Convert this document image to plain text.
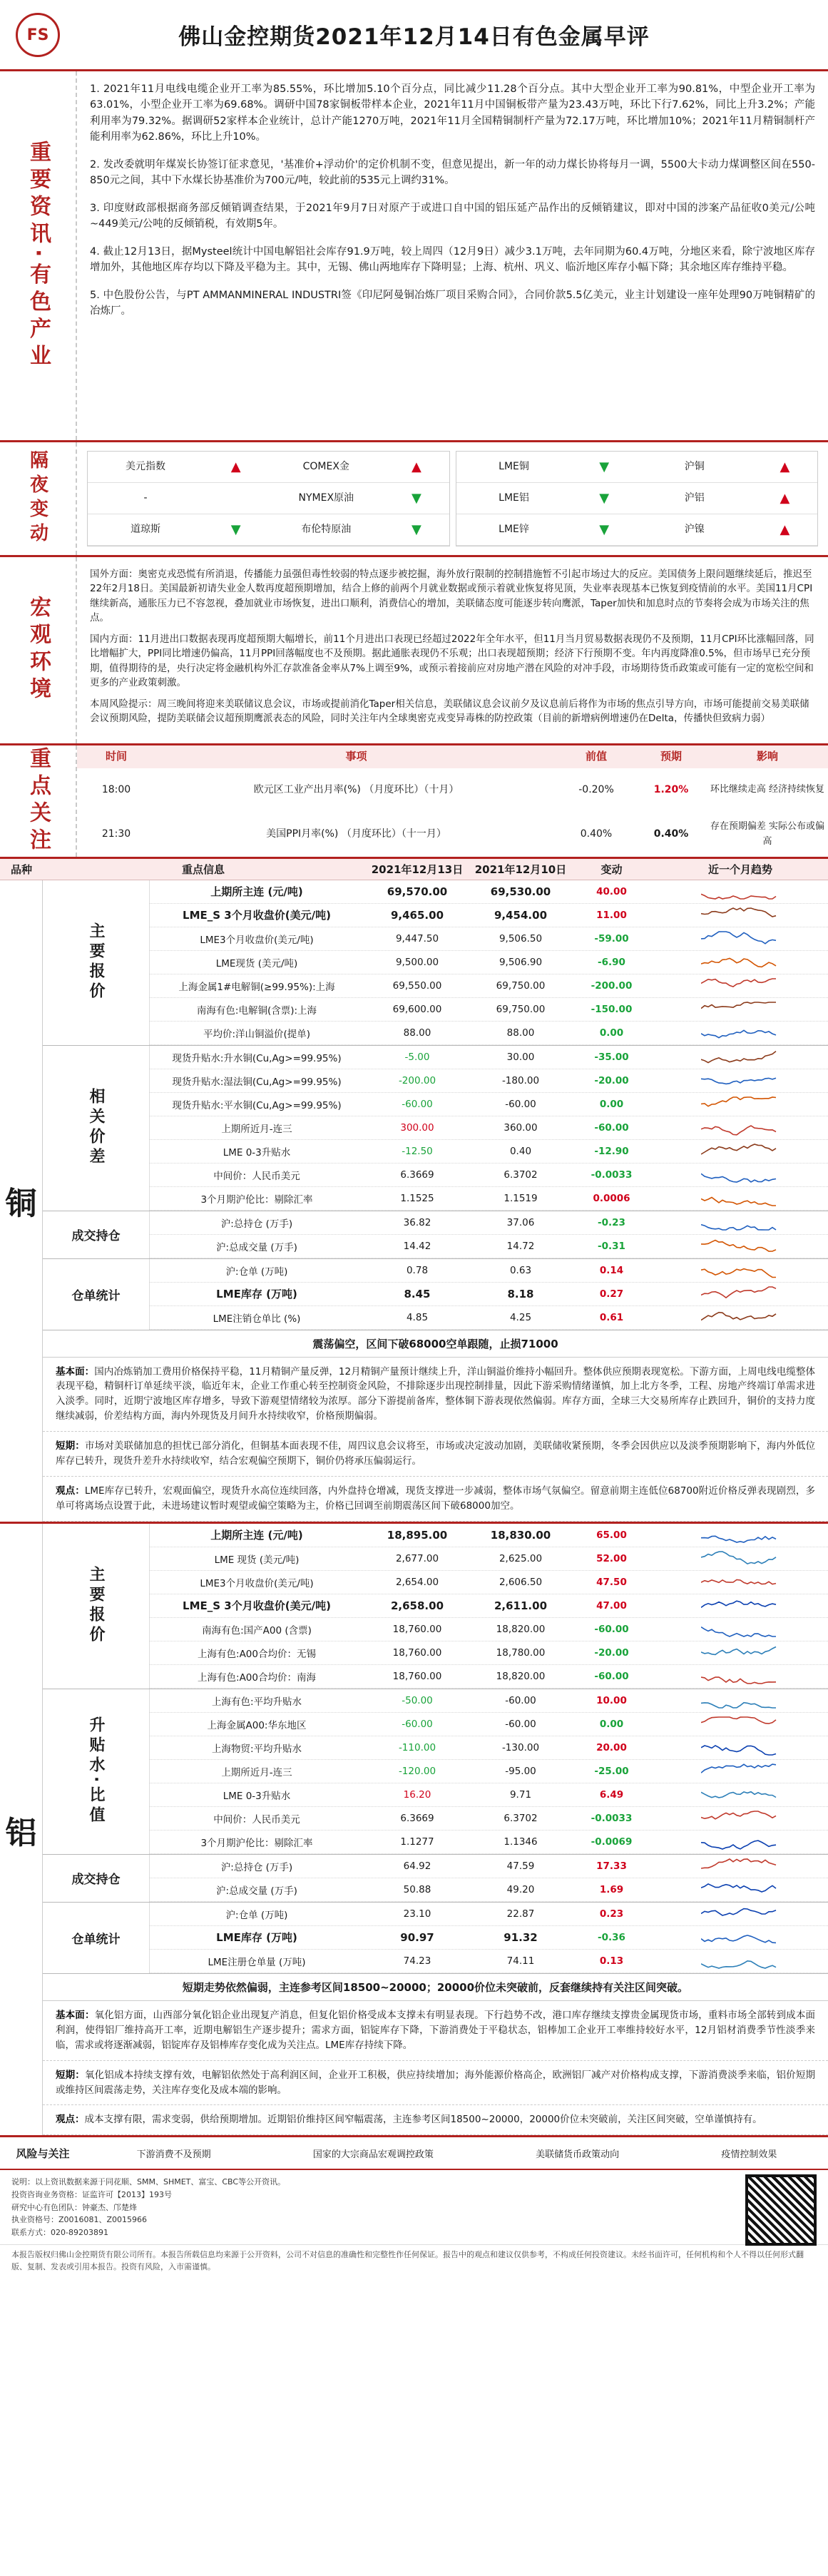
FS	佛山金控期货2021年12月14日有色金属早评
重要资讯·有色产业

1. 2021年11月电线电缆企业开工率为85.55%，环比增加5.10个百分点，同比减少11.28个百分点。其中大型企业开工率为90.81%，中型企业开工率为63.01%，小型企业开工率为69.68%。调研中国78家铜板带样本企业，2021年11月中国铜板带产量为23.43万吨，环比下行7.62%，同比上升3.2%；产能利用率为79.32%。据调研52家样本企业统计，总计产能1270万吨，2021年11月全国精铜制杆产量为72.17万吨，环比增加10%；2021年11月精铜制杆产能利用率为62.86%，环比上升10%。

2. 发改委就明年煤炭长协签订征求意见，'基准价+浮动价'的定价机制不变，但意见提出，新一年的动力煤长协将每月一调，5500大卡动力煤调整区间在550-850元之间，其中下水煤长协基准价为700元/吨，较此前的535元上调约31%。

3. 印度财政部根据商务部反倾销调查结果，于2021年9月7日对原产于或进口自中国的铝压延产品作出的反倾销建议，即对中国的涉案产品征收0美元/公吨~449美元/公吨的反倾销税，有效期5年。

4. 截止12月13日，据Mysteel统计中国电解铝社会库存91.9万吨，较上周四（12月9日）减少3.1万吨，去年同期为60.4万吨，分地区来看，除宁波地区库存增加外，其他地区库存均以下降及平稳为主。其中，无锡、佛山两地库存下降明显；上海、杭州、巩义、临沂地区库存小幅下降；其余地区库存维持平稳。

5. 中色股份公告，与PT AMMANMINERAL INDUSTRI签《印尼阿曼铜冶炼厂项目采购合同》，合同价款5.5亿美元，业主计划建设一座年处理90万吨铜精矿的冶炼厂。

隔夜变动	美元指数	▲	COMEX金	▲
-	NYMEX原油	▼
道琼斯	▼	布伦特原油	▼
LME铜	▼	沪铜	▲
LME铝	▼	沪铝	▲
LME锌	▼	沪镍	▲
宏观环境

国外方面：奥密克戎恐慌有所消退，传播能力虽强但毒性较弱的特点逐步被挖掘，海外放行限制的控制措施暂不引起市场过大的反应。美国债务上限问题继续延后，推迟至22年2月18日。美国最新初请失业金人数再度超预期增加，结合上修的前两个月就业数据或预示着就业恢复将见顶，失业率表现基本已恢复到疫情前的水平。美国11月CPI继续新高，通胀压力已不容忽视，叠加就业市场恢复，进出口顺利，消费信心的增加，美联储态度可能逐步转向鹰派，Taper加快和加息时点的节奏将会成为市场关注的焦点。

国内方面：11月进出口数据表现再度超预期大幅增长，前11个月进出口表现已经超过2022年全年水平，但11月当月贸易数据表现仍不及预期，11月CPI环比涨幅回落，同比增幅扩大，PPI同比增速仍偏高，11月PPI回落幅度也不及预期。据此通胀表现仍不乐观；出口表现超预期；经济下行预期不变。年内再度降准0.5%，但市场早已充分预期，值得期待的是，央行决定将金融机构外汇存款准备金率从7%上调至9%，或预示着接前应对房地产潜在风险的对冲手段，市场期待货币政策或可能有一定的宽松空间和更多的产业政策刺激。

本周风险提示：周三晚间将迎来美联储议息会议，市场或提前消化Taper相关信息，美联储议息会议前夕及议息前后将作为市场的焦点引导方向，市场可能提前交易美联储会议预期风险，提防美联储会议超预期鹰派表态的风险，同时关注年内全球奥密克戎变异毒株的防控政策（目前的新增病例增速仍在Delta，传播快但致病力弱）

重点关注	时间	事项	前值	预期	影响
18:00	欧元区工业产出月率(%) （月度环比）（十月）	-0.20%	1.20%	环比继续走高 经济持续恢复
21:30	美国PPI月率(%) （月度环比）（十一月）	0.40%	0.40%	存在预期偏差 实际公布或偏高
品种	重点信息	2021年12月13日	2021年12月10日	变动	近一个月趋势
铜
主要报价
上期所主连 (元/吨)	69,570.00	69,530.00	40.00
LME_S 3个月收盘价(美元/吨)	9,465.00	9,454.00	11.00
LME3个月收盘价(美元/吨)	9,447.50	9,506.50	-59.00
LME现货 (美元/吨)	9,500.00	9,506.90	-6.90
上海金属1#电解铜(≥99.95%):上海	69,550.00	69,750.00	-200.00
南海有色:电解铜(含票):上海	69,600.00	69,750.00	-150.00
平均价:洋山铜溢价(提单)	88.00	88.00	0.00
相关价差
现货升贴水:升水铜(Cu,Ag>=99.95%)	-5.00	30.00	-35.00
现货升贴水:湿法铜(Cu,Ag>=99.95%)	-200.00	-180.00	-20.00
现货升贴水:平水铜(Cu,Ag>=99.95%)	-60.00	-60.00	0.00
上期所近月-连三	300.00	360.00	-60.00
LME 0-3升贴水	-12.50	0.40	-12.90
中间价：人民币美元	6.3669	6.3702	-0.0033
3个月期沪伦比：剔除汇率	1.1525	1.1519	0.0006
成交持仓
沪:总持仓 (万手)	36.82	37.06	-0.23
沪:总成交量 (万手)	14.42	14.72	-0.31
仓单统计
沪:仓单 (万吨)	0.78	0.63	0.14
LME库存 (万吨)	8.45	8.18	0.27
LME注销仓单比 (%)	4.85	4.25	0.61
震荡偏空，区间下破68000空单跟随，止损71000
基本面：国内冶炼销加工费用价格保持平稳，11月精铜产量反弹，12月精铜产量预计继续上升，洋山铜溢价维持小幅回升。整体供应预期表现宽松。下游方面，上周电线电缆整体表现平稳，精铜杆订单延续平淡，临近年末，企业工作重心转至控制资金风险，不排除逐步出现控制排量，因此下游采购情绪谨慎，加上北方冬季，工程、房地产终端订单需求进入淡季。同时，近期宁波地区库存增多，导致下游观望情绪较为浓厚。部分下游提前备库，整体铜下游表现依然偏弱。库存方面，全球三大交易所库存止跌回升，铜价的支持力度继续减弱，价差结构方面，海内外现货及月间升水持续收窄，价格预期偏弱。
短期：市场对美联储加息的担忧已部分消化，但铜基本面表现不佳，周四议息会议将至，市场或决定波动加剧，美联储收紧预期，冬季会因供应以及淡季预期影响下，海内外低位库存已转升，现货升差升水持续收窄，结合宏观偏空预期下，铜价仍将承压偏弱运行。
观点：LME库存已转升，宏观面偏空，现货升水高位连续回落，内外盘持仓增减，现货支撑进一步减弱，整体市场气氛偏空。留意前期主连低位68700附近价格反弹表现剧烈，多单可将离场点设置于此，未进场建议暂时观望或偏空策略为主，价格已回调至前期震荡区间下破68000加空。
铝
主要报价
上期所主连 (元/吨)	18,895.00	18,830.00	65.00
LME 现货 (美元/吨)	2,677.00	2,625.00	52.00
LME3个月收盘价(美元/吨)	2,654.00	2,606.50	47.50
LME_S 3个月收盘价(美元/吨)	2,658.00	2,611.00	47.00
南海有色:国产A00 (含票)	18,760.00	18,820.00	-60.00
上海有色:A00合均价：无锡	18,760.00	18,780.00	-20.00
上海有色:A00合均价：南海	18,760.00	18,820.00	-60.00
升贴水·比值
上海有色:平均升贴水	-50.00	-60.00	10.00
上海金属A00:华东地区	-60.00	-60.00	0.00
上海物贸:平均升贴水	-110.00	-130.00	20.00
上期所近月-连三	-120.00	-95.00	-25.00
LME 0-3升贴水	16.20	9.71	6.49
中间价：人民币美元	6.3669	6.3702	-0.0033
3个月期沪伦比：剔除汇率	1.1277	1.1346	-0.0069
成交持仓
沪:总持仓 (万手)	64.92	47.59	17.33
沪:总成交量 (万手)	50.88	49.20	1.69
仓单统计
沪:仓单 (万吨)	23.10	22.87	0.23
LME库存 (万吨)	90.97	91.32	-0.36
LME注册仓单量 (万吨)	74.23	74.11	0.13
短期走势依然偏弱，主连参考区间18500~20000；20000价位未突破前，反套继续持有关注区间突破。
基本面：氧化铝方面，山西部分氧化铝企业出现复产消息，但复化铝价格受成本支撑未有明显表现。下行趋势不改，港口库存继续支撑贵金属现货市场，重料市场全部转到成本面利润，使得铝厂维持高开工率，近期电解铝生产逐步提升；需求方面，铝锭库存下降，下游消费处于平稳状态，铝棒加工企业开工率维持较好水平，12月铝材消费季节性淡季来临，需求或将逐渐减弱，铝锭库存及铝棒库存变化成为关注点。LME库存持续下降。
短期：氧化铝成本持续支撑有效，电解铝依然处于高利润区间，企业开工积极，供应持续增加；海外能源价格高企，欧洲铝厂减产对价格构成支撑，下游消费淡季来临，铝价短期或维持区间震荡走势，关注库存变化及成本端的影响。
观点：成本支撑有限，需求变弱，供给预期增加。近期铝价维持区间窄幅震荡，主连参考区间18500~20000，20000价位未突破前，关注区间突破，空单谨慎持有。
风险与关注	下游消费不及预期	国家的大宗商品宏观调控政策	美联储货币政策动向	疫情控制效果
说明：以上资讯数据来源于同花顺、SMM、SHMET、富宝、CBC等公开资讯。
投资咨询业务资格：证监许可【2013】193号
研究中心有色团队：钟豪杰、邝楚烽
执业资格号：Z0016081、Z0015966
联系方式：020-89203891
本报告版权归佛山金控期货有限公司所有。本报告所载信息均来源于公开资料，公司不对信息的准确性和完整性作任何保证。报告中的观点和建议仅供参考，不构成任何投资建议。未经书面许可，任何机构和个人不得以任何形式翻版、复制、发表或引用本报告。投资有风险，入市需谨慎。
